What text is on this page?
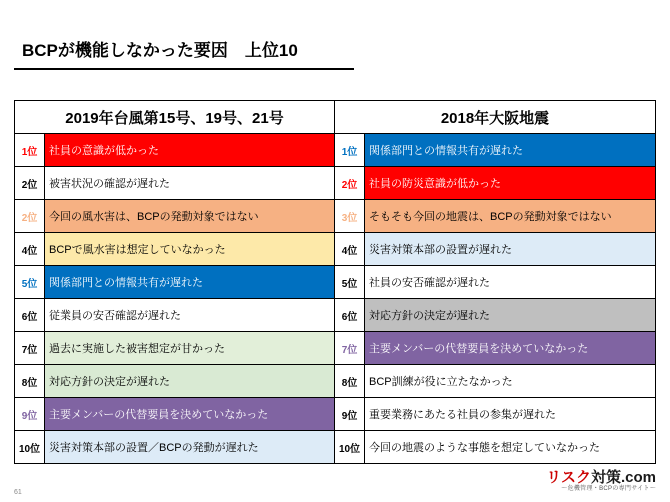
BCPが機能しなかった要因　上位10
2019年台風第15号、19号、21号
1位	社員の意識が低かった
2位	被害状況の確認が遅れた
2位	今回の風水害は、BCPの発動対象ではない
4位	BCPで風水害は想定していなかった
5位	関係部門との情報共有が遅れた
6位	従業員の安否確認が遅れた
7位	過去に実施した被害想定が甘かった
8位	対応方針の決定が遅れた
9位	主要メンバーの代替要員を決めていなかった
10位 災害対策本部の設置／BCPの発動が遅れた
2018年大阪地震
1位	関係部門との情報共有が遅れた
2位	社員の防災意識が低かった
3位	そもそも今回の地震は、BCPの発動対象ではない
4位	災害対策本部の設置が遅れた
5位	社員の安否確認が遅れた
6位	対応方針の決定が遅れた
7位	主要メンバーの代替要員を決めていなかった
8位	BCP訓練が役に立たなかった
9位	重要業務にあたる社員の参集が遅れた
10位 今回の地震のような事態を想定していなかった
61
リスク対策.com
～危機管理・BCPの専門サイト～
